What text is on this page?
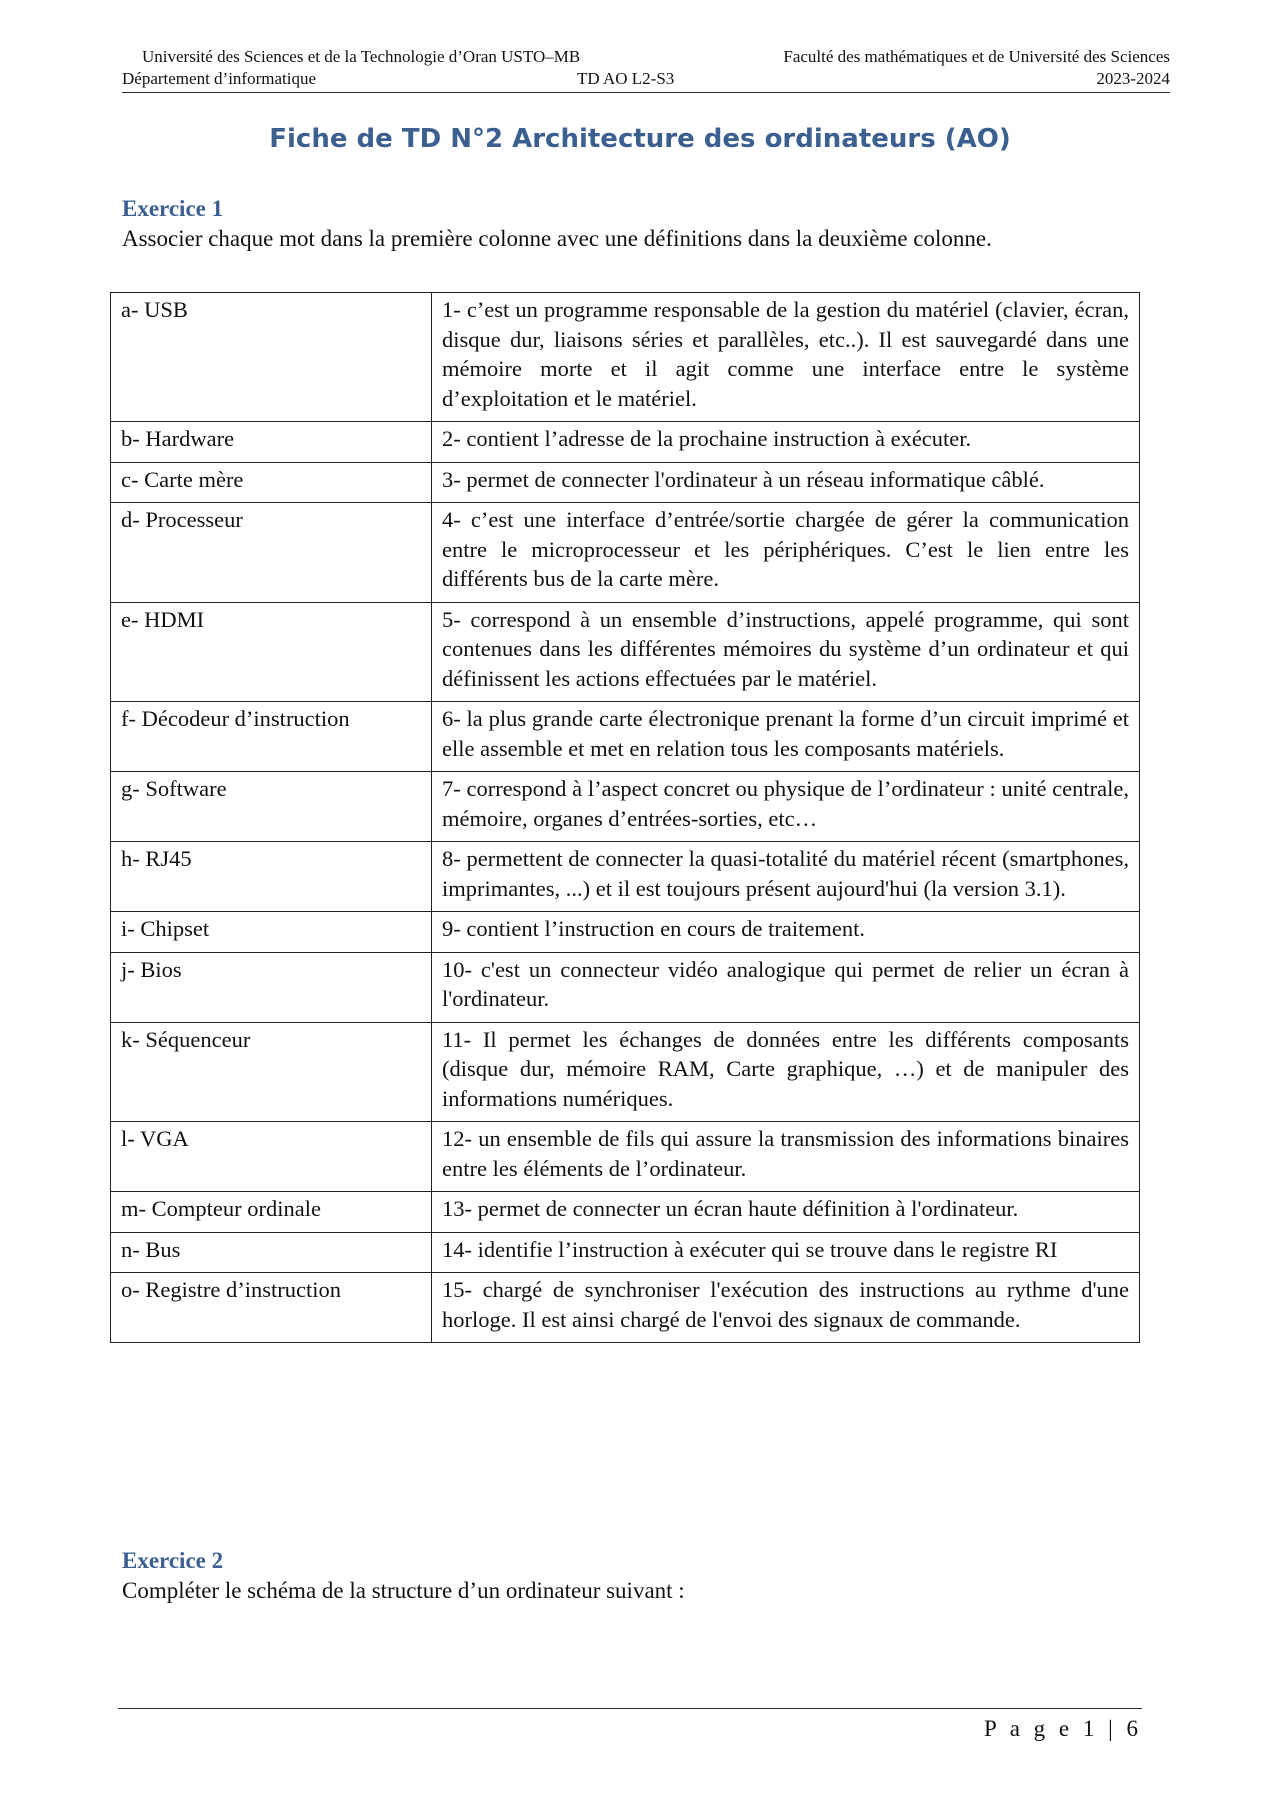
Université des Sciences et de la Technologie d’Oran USTO–MB	Faculté des mathématiques et de Université des Sciences
Département d’informatique	TD AO L2-S3	2023-2024
Fiche de TD N°2 Architecture des ordinateurs (AO)
Exercice 1
Associer chaque mot dans la première colonne avec une définitions dans la deuxième colonne.
a- USB	1- c’est un programme responsable de la gestion du matériel (clavier, écran, disque dur, liaisons séries et parallèles, etc..). Il est sauvegardé dans une mémoire morte et il agit comme une interface entre le système d’exploitation et le matériel.
b- Hardware	2- contient l’adresse de la prochaine instruction à exécuter.
c- Carte mère	3- permet de connecter l'ordinateur à un réseau informatique câblé.
d- Processeur	4- c’est une interface d’entrée/sortie chargée de gérer la communication entre le microprocesseur et les périphériques. C’est le lien entre les différents bus de la carte mère.
e- HDMI	5- correspond à un ensemble d’instructions, appelé programme, qui sont contenues dans les différentes mémoires du système d’un ordinateur et qui définissent les actions effectuées par le matériel.
f- Décodeur d’instruction	6- la plus grande carte électronique prenant la forme d’un circuit imprimé et elle assemble et met en relation tous les composants matériels.
g- Software	7- correspond à l’aspect concret ou physique de l’ordinateur : unité centrale, mémoire, organes d’entrées-sorties, etc…
h- RJ45	8- permettent de connecter la quasi-totalité du matériel récent (smartphones, imprimantes, ...) et il est toujours présent aujourd'hui (la version 3.1).
i- Chipset	9- contient l’instruction en cours de traitement.
j- Bios	10- c'est un connecteur vidéo analogique qui permet de relier un écran à l'ordinateur.
k- Séquenceur	11- Il permet les échanges de données entre les différents composants (disque dur, mémoire RAM, Carte graphique, …) et de manipuler des informations numériques.
l- VGA	12- un ensemble de fils qui assure la transmission des informations binaires entre les éléments de l’ordinateur.
m- Compteur ordinale	13- permet de connecter un écran haute définition à l'ordinateur.
n- Bus	14- identifie l’instruction à exécuter qui se trouve dans le registre RI
o- Registre d’instruction	15- chargé de synchroniser l'exécution des instructions au rythme d'une horloge. Il est ainsi chargé de l'envoi des signaux de commande.
Exercice 2
Compléter le schéma de la structure d’un ordinateur suivant :
P a g e 1 | 6
